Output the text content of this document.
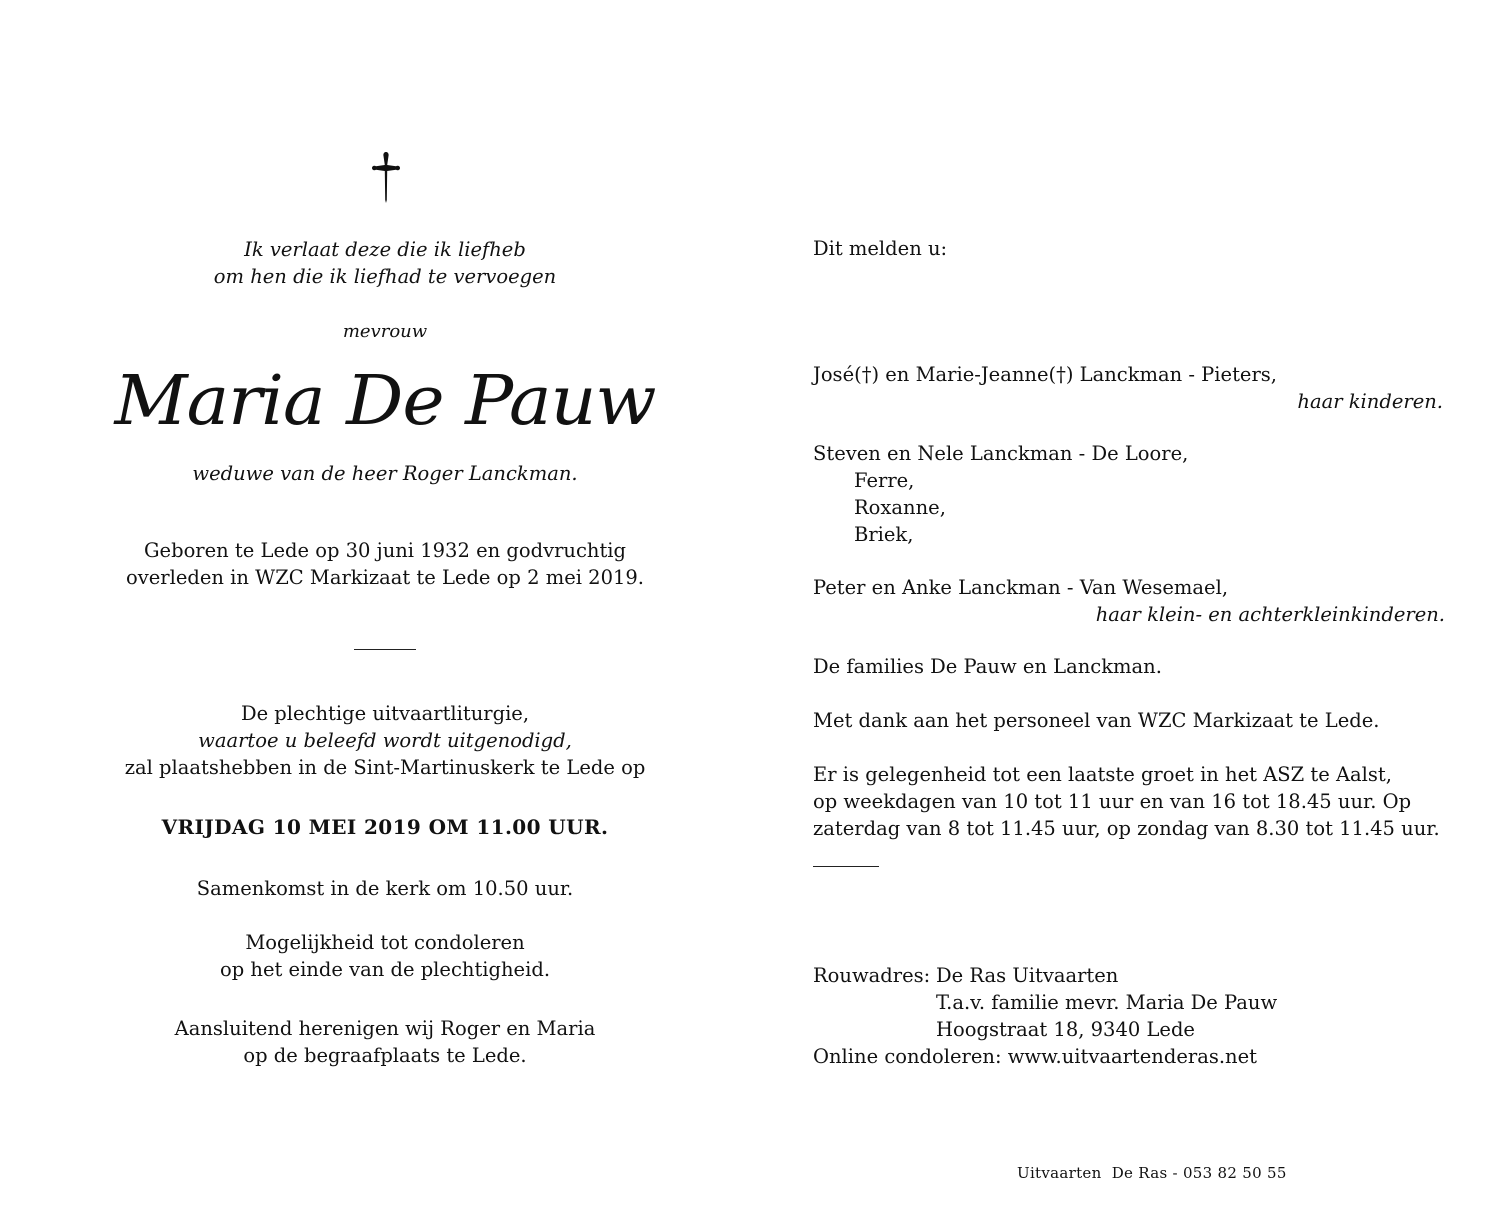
Ik verlaat deze die ik liefheb
om hen die ik liefhad te vervoegen
mevrouw
Maria De Pauw
weduwe van de heer Roger Lanckman.
Geboren te Lede op 30 juni 1932 en godvruchtig
overleden in WZC Markizaat te Lede op 2 mei 2019.
De plechtige uitvaartliturgie,
waartoe u beleefd wordt uitgenodigd,
zal plaatshebben in de Sint-Martinuskerk te Lede op
VRIJDAG 10 MEI 2019 OM 11.00 UUR.
Samenkomst in de kerk om 10.50 uur.
Mogelijkheid tot condoleren
op het einde van de plechtigheid.
Aansluitend herenigen wij Roger en Maria
op de begraafplaats te Lede.
Dit melden u:
José(†) en Marie-Jeanne(†) Lanckman - Pieters,
haar kinderen.
Steven en Nele Lanckman - De Loore,
Ferre,
Roxanne,
Briek,
Peter en Anke Lanckman - Van Wesemael,
haar klein- en achterkleinkinderen.
De families De Pauw en Lanckman.
Met dank aan het personeel van WZC Markizaat te Lede.
Er is gelegenheid tot een laatste groet in het ASZ te Aalst,
op weekdagen van 10 tot 11 uur en van 16 tot 18.45 uur. Op
zaterdag van 8 tot 11.45 uur, op zondag van 8.30 tot 11.45 uur.
Rouwadres: De Ras Uitvaarten
T.a.v. familie mevr. Maria De Pauw
Hoogstraat 18, 9340 Lede
Online condoleren: www.uitvaartenderas.net
Uitvaarten  De Ras - 053 82 50 55
